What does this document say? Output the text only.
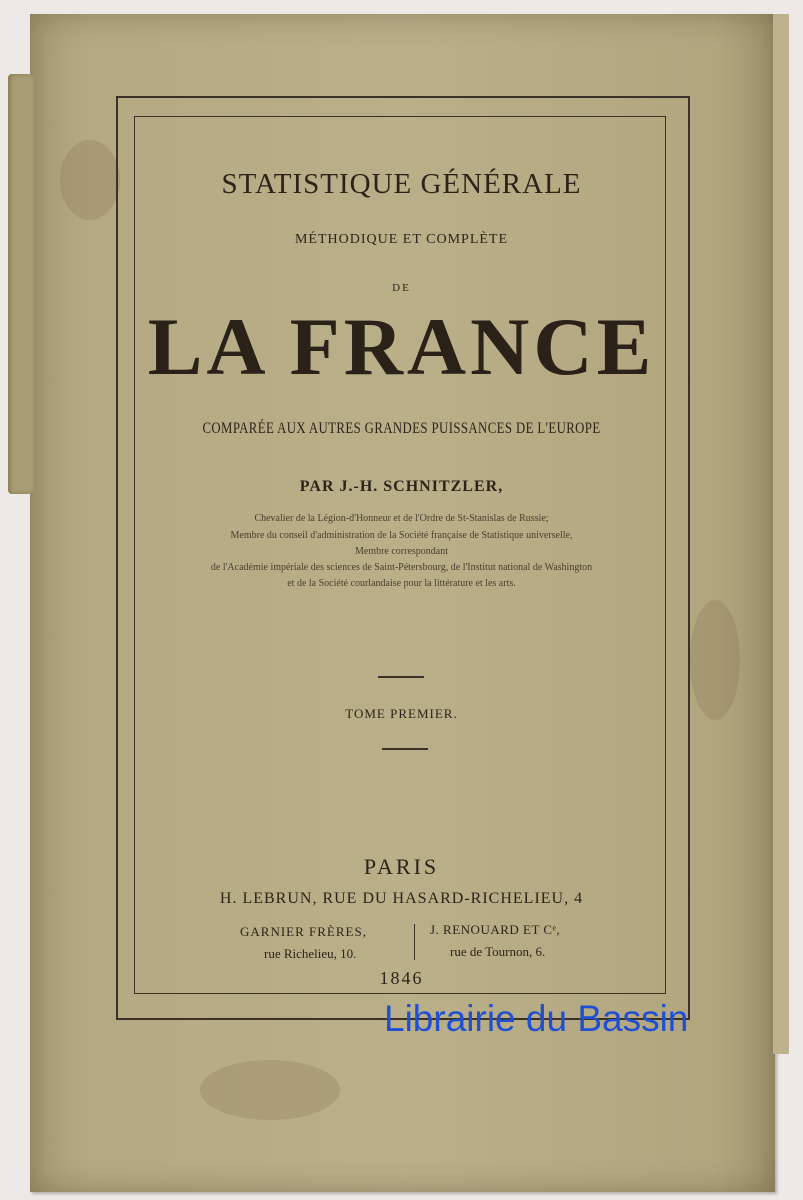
STATISTIQUE GÉNÉRALE

MÉTHODIQUE ET COMPLÈTE

DE

LA FRANCE

COMPARÉE AUX AUTRES GRANDES PUISSANCES DE L'EUROPE

PAR J.-H. SCHNITZLER,

Chevalier de la Légion-d'Honneur et de l'Ordre de St-Stanislas de Russie;

Membre du conseil d'administration de la Société française de Statistique universelle,

Membre correspondant

de l'Académie impériale des sciences de Saint-Pétersbourg, de l'Institut national de Washington

et de la Société courlandaise pour la littérature et les arts.

TOME PREMIER.

PARIS

H. LEBRUN, RUE DU HASARD-RICHELIEU, 4

GARNIER FRÈRES,
rue Richelieu, 10.
J. RENOUARD ET Cᵉ,
rue de Tournon, 6.

1846

Librairie du Bassin
